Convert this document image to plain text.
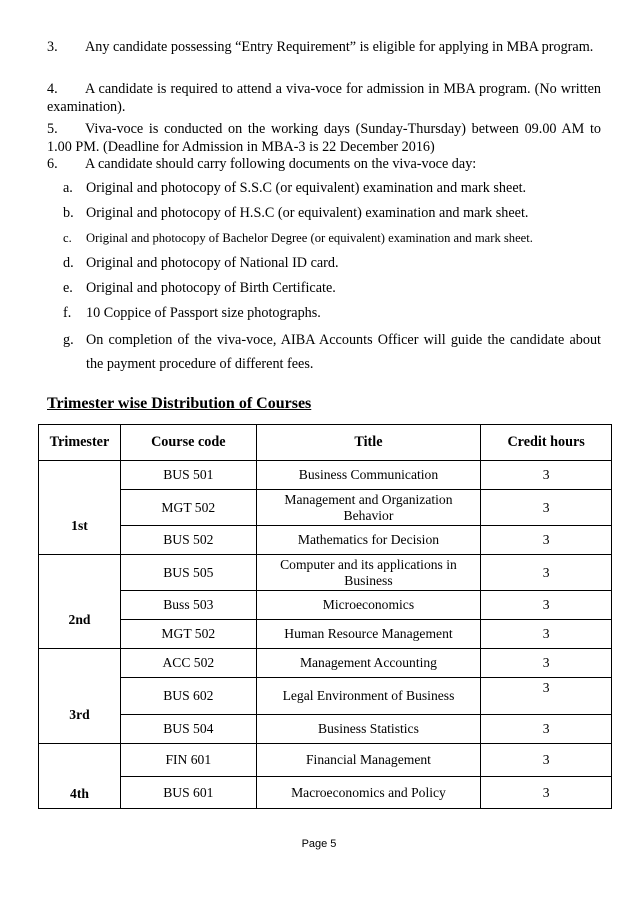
3. Any candidate possessing “Entry Requirement” is eligible for applying in MBA program.
4. A candidate is required to attend a viva-voce for admission in MBA program. (No written examination).
5. Viva-voce is conducted on the working days (Sunday-Thursday) between 09.00 AM to 1.00 PM. (Deadline for Admission in MBA-3 is 22 December 2016)
6. A candidate should carry following documents on the viva-voce day:
a. Original and photocopy of S.S.C (or equivalent) examination and mark sheet.
b. Original and photocopy of H.S.C (or equivalent) examination and mark sheet.
c.	Original and photocopy of Bachelor Degree (or equivalent) examination and mark sheet.
d. Original and photocopy of National ID card.
e. Original and photocopy of Birth Certificate.
f.	10 Coppice of Passport size photographs.
g. On completion of the viva-voce, AIBA Accounts Officer will guide the candidate about the payment procedure of different fees.
Trimester wise Distribution of Courses
Trimester	Course code	Title	Credit hours
1st	BUS 501	Business Communication	3
	MGT 502	Management and Organization Behavior	3
	BUS 502	Mathematics for Decision	3
2nd	BUS 505	Computer and its applications in Business	3
	Buss 503	Microeconomics	3
	MGT 502	Human Resource Management	3
3rd	ACC 502	Management Accounting	3
	BUS 602	Legal Environment of Business	3
	BUS 504	Business Statistics	3
4th	FIN 601	Financial Management	3
	BUS 601	Macroeconomics and Policy	3
Page 5
